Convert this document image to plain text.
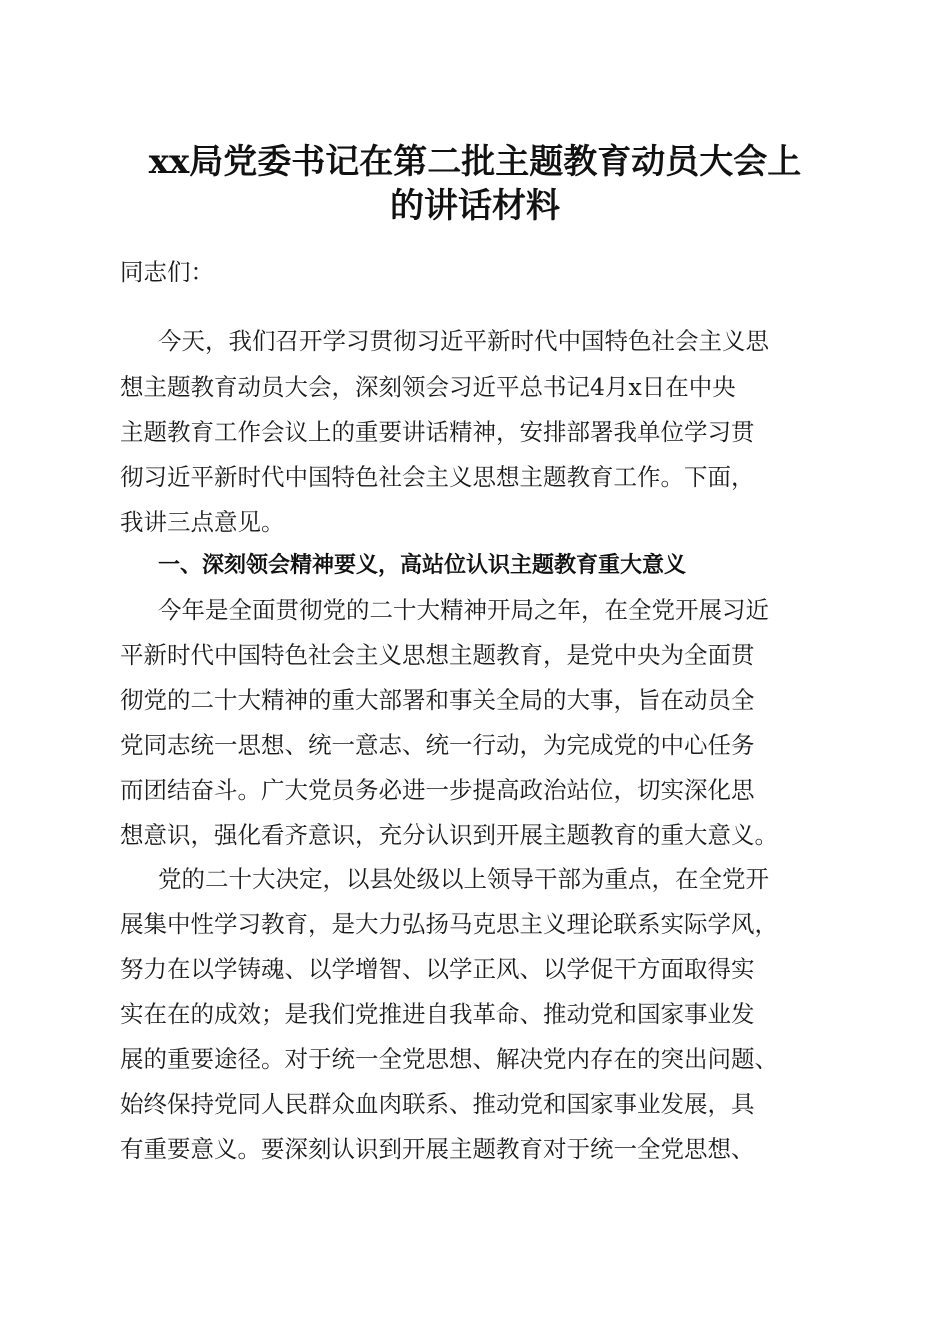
xx局党委书记在第二批主题教育动员大会上
的讲话材料
同志们：
今天，我们召开学习贯彻习近平新时代中国特色社会主义思
想主题教育动员大会，深刻领会习近平总书记4月x日在中央
主题教育工作会议上的重要讲话精神，安排部署我单位学习贯
彻习近平新时代中国特色社会主义思想主题教育工作。下面，
我讲三点意见。
一、深刻领会精神要义，高站位认识主题教育重大意义
今年是全面贯彻党的二十大精神开局之年，在全党开展习近
平新时代中国特色社会主义思想主题教育，是党中央为全面贯
彻党的二十大精神的重大部署和事关全局的大事，旨在动员全
党同志统一思想、统一意志、统一行动，为完成党的中心任务
而团结奋斗。广大党员务必进一步提高政治站位，切实深化思
想意识，强化看齐意识，充分认识到开展主题教育的重大意义。
党的二十大决定，以县处级以上领导干部为重点，在全党开
展集中性学习教育，是大力弘扬马克思主义理论联系实际学风，
努力在以学铸魂、以学增智、以学正风、以学促干方面取得实
实在在的成效；是我们党推进自我革命、推动党和国家事业发
展的重要途径。对于统一全党思想、解决党内存在的突出问题、
始终保持党同人民群众血肉联系、推动党和国家事业发展，具
有重要意义。要深刻认识到开展主题教育对于统一全党思想、
